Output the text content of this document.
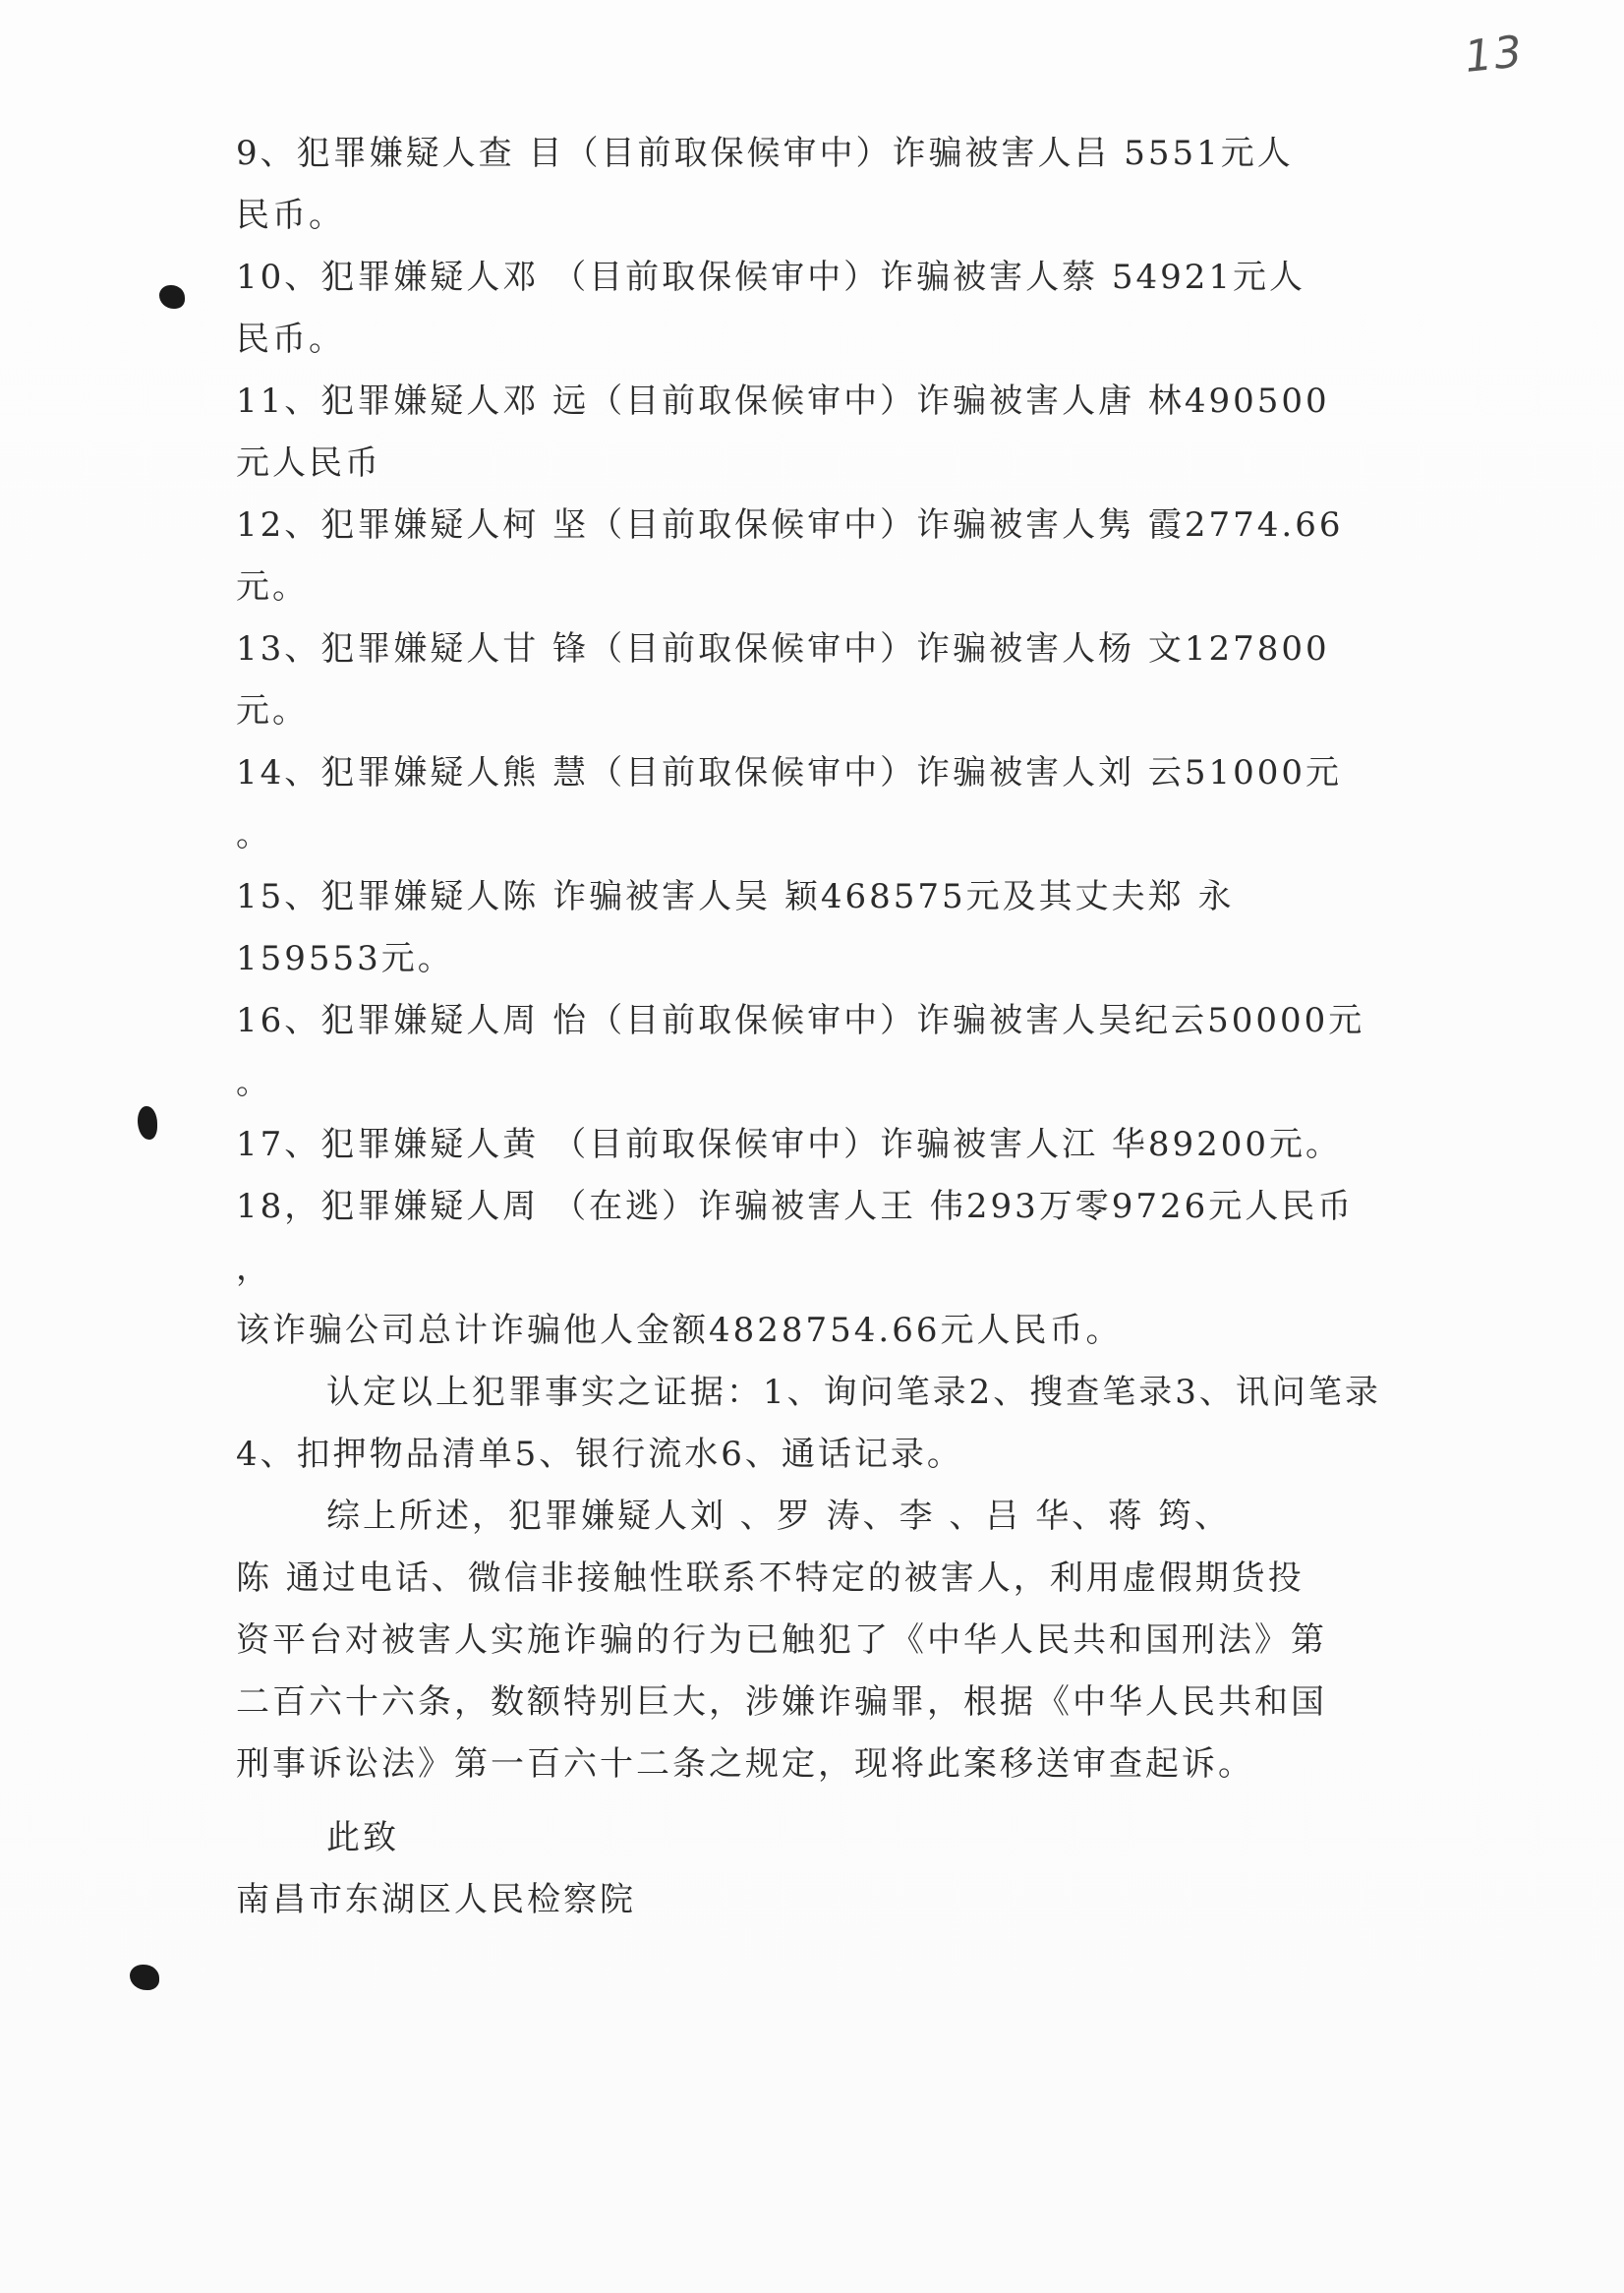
13
9、犯罪嫌疑人查 目（目前取保候审中）诈骗被害人吕 5551元人
民币。
10、犯罪嫌疑人邓 （目前取保候审中）诈骗被害人蔡 54921元人
民币。
11、犯罪嫌疑人邓 远（目前取保候审中）诈骗被害人唐 林490500
元人民币
12、犯罪嫌疑人柯 坚（目前取保候审中）诈骗被害人隽 霞2774.66
元。
13、犯罪嫌疑人甘 锋（目前取保候审中）诈骗被害人杨 文127800
元。
14、犯罪嫌疑人熊 慧（目前取保候审中）诈骗被害人刘 云51000元
。
15、犯罪嫌疑人陈 诈骗被害人吴 颖468575元及其丈夫郑 永
159553元。
16、犯罪嫌疑人周 怡（目前取保候审中）诈骗被害人吴纪云50000元
。
17、犯罪嫌疑人黄 （目前取保候审中）诈骗被害人江 华89200元。
18，犯罪嫌疑人周 （在逃）诈骗被害人王 伟293万零9726元人民币
，
该诈骗公司总计诈骗他人金额4828754.66元人民币。
认定以上犯罪事实之证据：1、询问笔录2、搜查笔录3、讯问笔录
4、扣押物品清单5、银行流水6、通话记录。
综上所述，犯罪嫌疑人刘 、罗 涛、李 、吕 华、蒋 筠、
陈 通过电话、微信非接触性联系不特定的被害人，利用虚假期货投
资平台对被害人实施诈骗的行为已触犯了《中华人民共和国刑法》第
二百六十六条，数额特别巨大，涉嫌诈骗罪，根据《中华人民共和国
刑事诉讼法》第一百六十二条之规定，现将此案移送审查起诉。
此致
南昌市东湖区人民检察院
